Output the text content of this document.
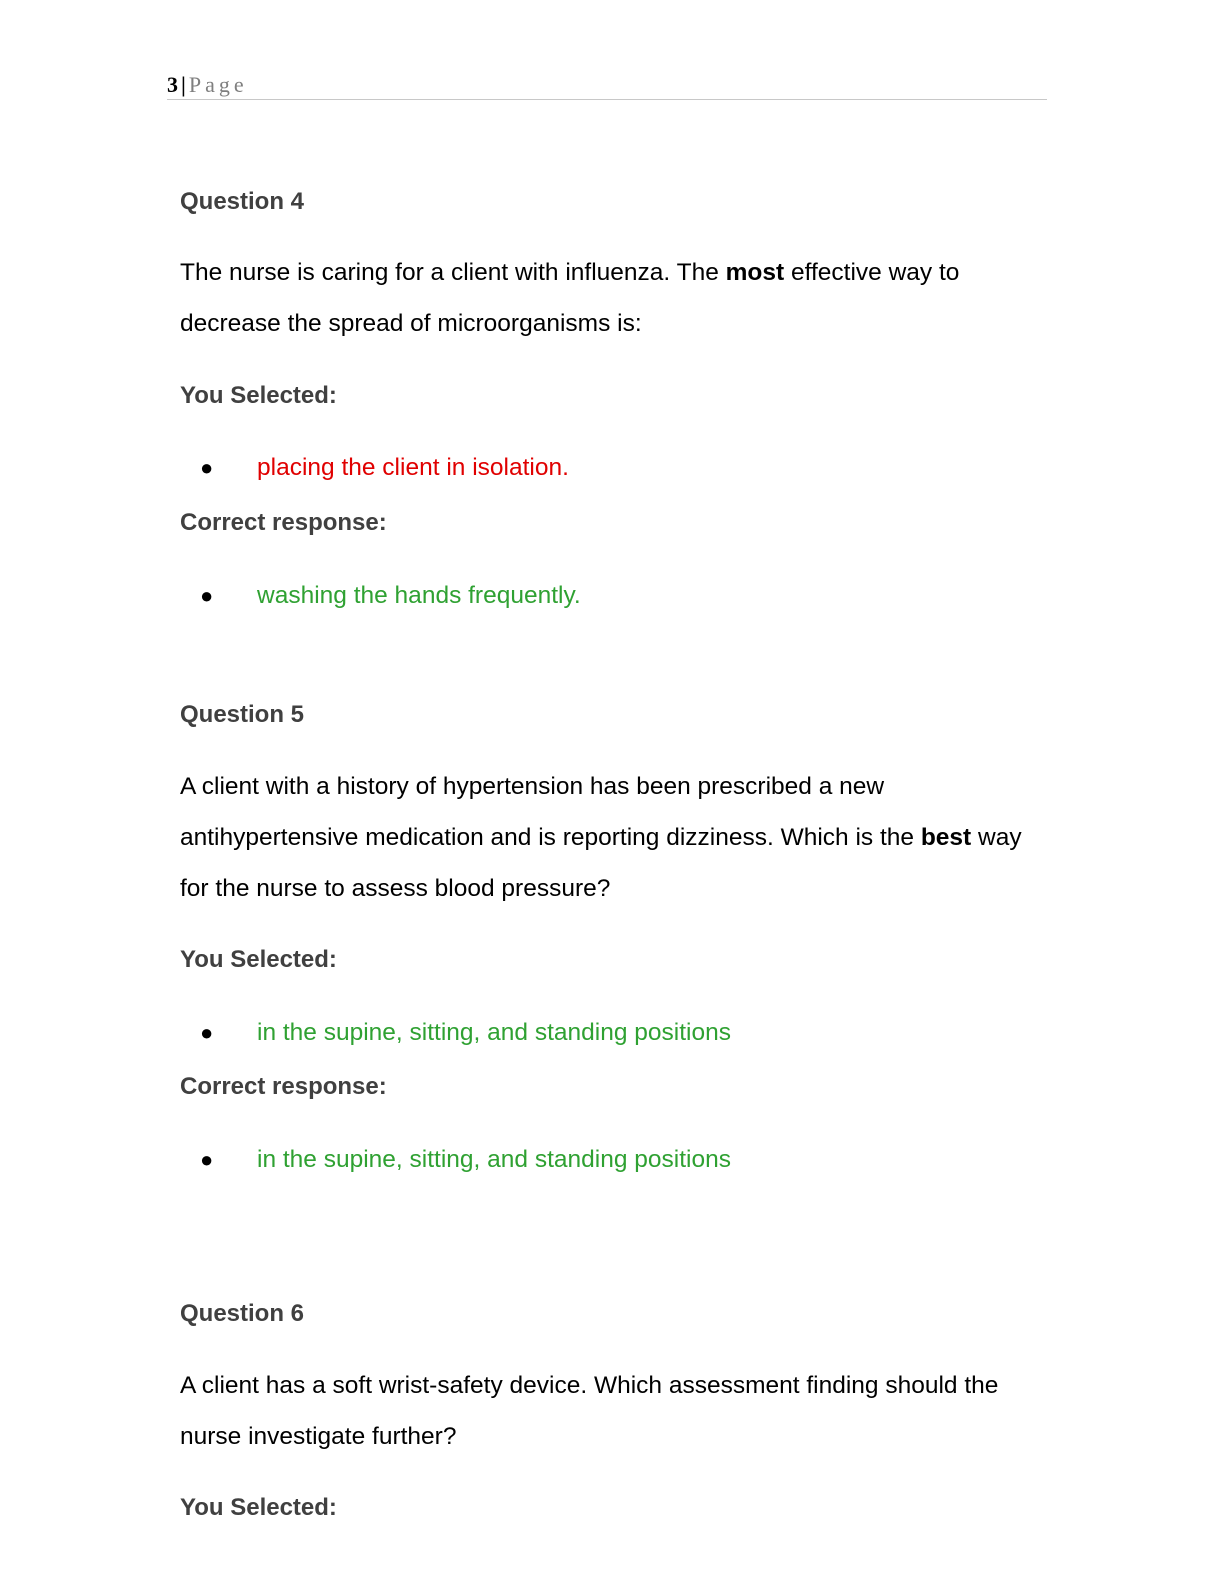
3 | Page
Question 4
The nurse is caring for a client with influenza. The most effective way to decrease the spread of microorganisms is:
You Selected:
● placing the client in isolation.
Correct response:
● washing the hands frequently.
Question 5
A client with a history of hypertension has been prescribed a new antihypertensive medication and is reporting dizziness. Which is the best way for the nurse to assess blood pressure?
You Selected:
● in the supine, sitting, and standing positions
Correct response:
● in the supine, sitting, and standing positions
Question 6
A client has a soft wrist-safety device. Which assessment finding should the nurse investigate further?
You Selected:
